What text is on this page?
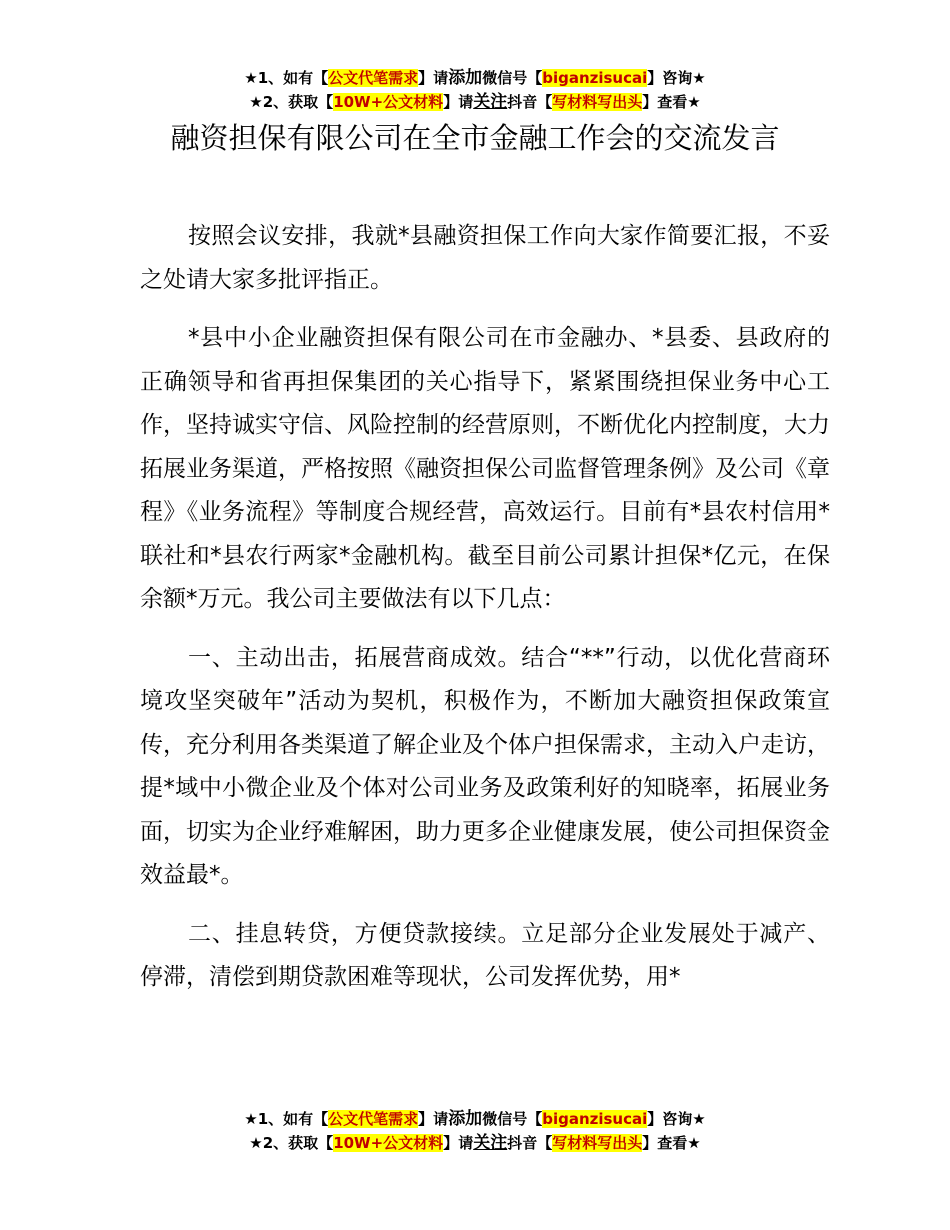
★1、如有【公文代笔需求】请添加微信号【biganzisucai】咨询★
★2、获取【10W+公文材料】请关注抖音【写材料写出头】查看★
融资担保有限公司在全市金融工作会的交流发言

按照会议安排，我就*县融资担保工作向大家作简要汇报，不妥之处请大家多批评指正。

*县中小企业融资担保有限公司在市金融办、*县委、县政府的正确领导和省再担保集团的关心指导下，紧紧围绕担保业务中心工作，坚持诚实守信、风险控制的经营原则，不断优化内控制度，大力拓展业务渠道，严格按照《融资担保公司监督管理条例》及公司《章程》《业务流程》等制度合规经营，高效运行。目前有*县农村信用*联社和*县农行两家*金融机构。截至目前公司累计担保*亿元，在保余额*万元。我公司主要做法有以下几点：

一、主动出击，拓展营商成效。结合“**”行动，以优化营商环境攻坚突破年”活动为契机，积极作为，不断加大融资担保政策宣传，充分利用各类渠道了解企业及个体户担保需求，主动入户走访，提*域中小微企业及个体对公司业务及政策利好的知晓率，拓展业务面，切实为企业纾难解困，助力更多企业健康发展，使公司担保资金效益最*。

二、挂息转贷，方便贷款接续。立足部分企业发展处于减产、停滞，清偿到期贷款困难等现状，公司发挥优势，用*

★1、如有【公文代笔需求】请添加微信号【biganzisucai】咨询★
★2、获取【10W+公文材料】请关注抖音【写材料写出头】查看★
